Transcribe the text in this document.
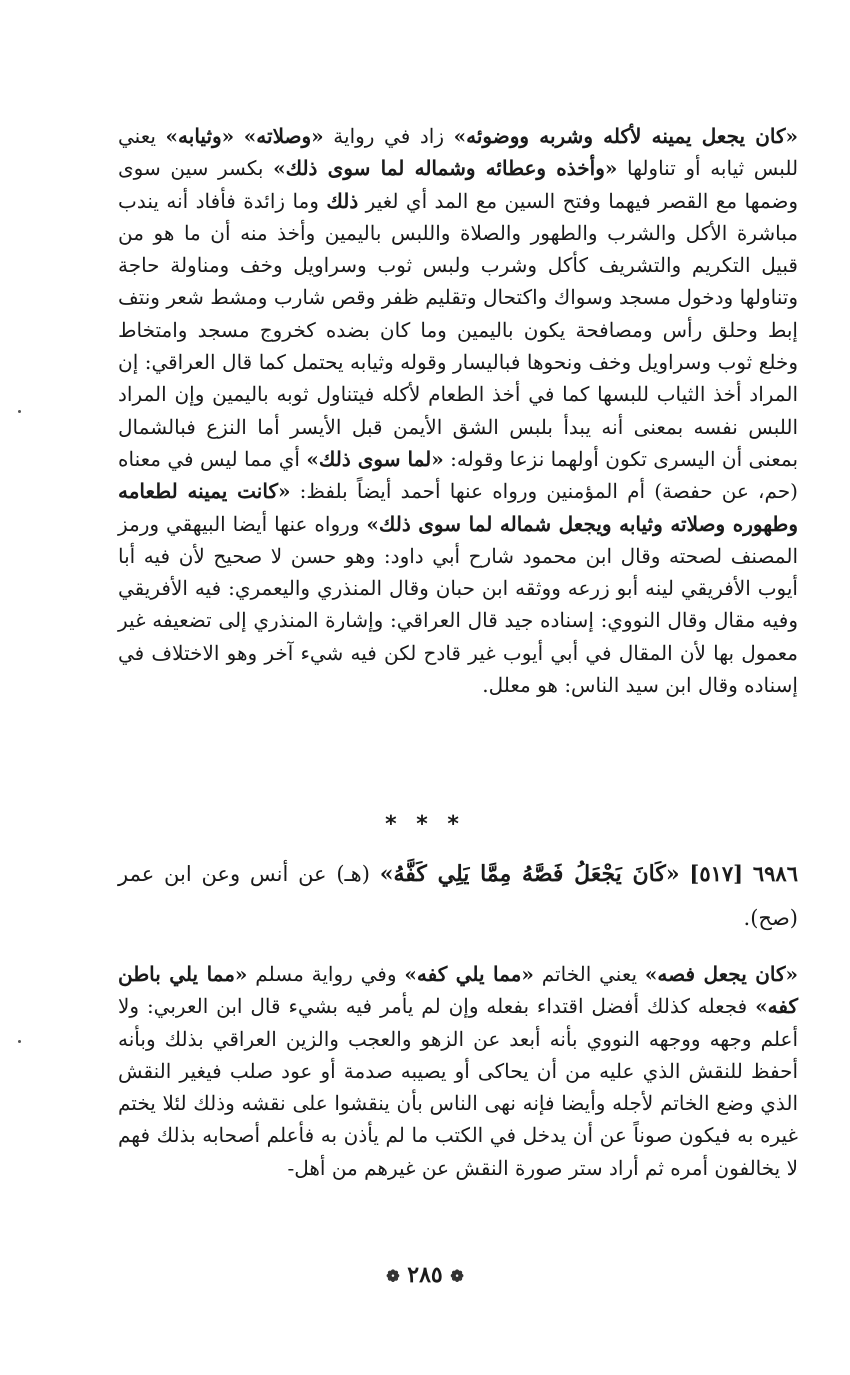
«كان يجعل يمينه لأكله وشربه ووضوئه» زاد في رواية «وصلاته» «وثيابه» يعني للبس ثيابه أو تناولها «وأخذه وعطائه وشماله لما سوى ذلك» بكسر سين سوى وضمها مع القصر فيهما وفتح السين مع المد أي لغير ذلك وما زائدة فأفاد أنه يندب مباشرة الأكل والشرب والطهور والصلاة واللبس باليمين وأخذ منه أن ما هو من قبيل التكريم والتشريف كأكل وشرب ولبس ثوب وسراويل وخف ومناولة حاجة وتناولها ودخول مسجد وسواك واكتحال وتقليم ظفر وقص شارب ومشط شعر ونتف إبط وحلق رأس ومصافحة يكون باليمين وما كان بضده كخروج مسجد وامتخاط وخلع ثوب وسراويل وخف ونحوها فباليسار وقوله وثيابه يحتمل كما قال العراقي: إن المراد أخذ الثياب للبسها كما في أخذ الطعام لأكله فيتناول ثوبه باليمين وإن المراد اللبس نفسه بمعنى أنه يبدأ بلبس الشق الأيمن قبل الأيسر أما النزع فبالشمال بمعنى أن اليسرى تكون أولهما نزعا وقوله: «لما سوى ذلك» أي مما ليس في معناه (حم، عن حفصة) أم المؤمنين ورواه عنها أحمد أيضاً بلفظ: «كانت يمينه لطعامه وطهوره وصلاته وثيابه ويجعل شماله لما سوى ذلك» ورواه عنها أيضا البيهقي ورمز المصنف لصحته وقال ابن محمود شارح أبي داود: وهو حسن لا صحيح لأن فيه أبا أيوب الأفريقي لينه أبو زرعه ووثقه ابن حبان وقال المنذري واليعمري: فيه الأفريقي وفيه مقال وقال النووي: إسناده جيد قال العراقي: وإشارة المنذري إلى تضعيفه غير معمول بها لأن المقال في أبي أيوب غير قادح لكن فيه شيء آخر وهو الاختلاف في إسناده وقال ابن سيد الناس: هو معلل.
* * *
٦٩٨٦ [٥١٧] «كَانَ يَجْعَلُ فَصَّهُ مِمَّا يَلِي كَفَّهُ» (هـ) عن أنس وعن ابن عمر (صح).
«كان يجعل فصه» يعني الخاتم «مما يلي كفه» وفي رواية مسلم «مما يلي باطن كفه» فجعله كذلك أفضل اقتداء بفعله وإن لم يأمر فيه بشيء قال ابن العربي: ولا أعلم وجهه ووجهه النووي بأنه أبعد عن الزهو والعجب والزين العراقي بذلك وبأنه أحفظ للنقش الذي عليه من أن يحاكى أو يصيبه صدمة أو عود صلب فيغير النقش الذي وضع الخاتم لأجله وأيضا فإنه نهى الناس بأن ينقشوا على نقشه وذلك لئلا يختم غيره به فيكون صوناً عن أن يدخل في الكتب ما لم يأذن به فأعلم أصحابه بذلك فهم لا يخالفون أمره ثم أراد ستر صورة النقش عن غيرهم من أهل-
❁ ٢٨٥ ❁
